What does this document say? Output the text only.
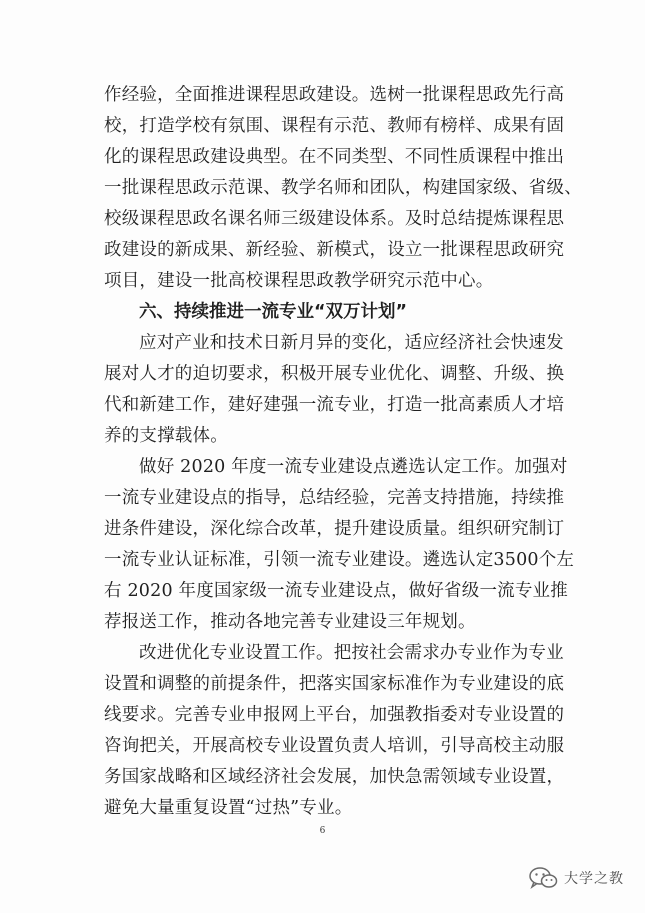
作经验，全面推进课程思政建设。选树一批课程思政先行高
校，打造学校有氛围、课程有示范、教师有榜样、成果有固
化的课程思政建设典型。在不同类型、不同性质课程中推出
一批课程思政示范课、教学名师和团队，构建国家级、省级、
校级课程思政名课名师三级建设体系。及时总结提炼课程思
政建设的新成果、新经验、新模式，设立一批课程思政研究
项目，建设一批高校课程思政教学研究示范中心。
六、持续推进一流专业“双万计划”
应对产业和技术日新月异的变化，适应经济社会快速发
展对人才的迫切要求，积极开展专业优化、调整、升级、换
代和新建工作，建好建强一流专业，打造一批高素质人才培
养的支撑载体。
做好 2020 年度一流专业建设点遴选认定工作。加强对
一流专业建设点的指导，总结经验，完善支持措施，持续推
进条件建设，深化综合改革，提升建设质量。组织研究制订
一流专业认证标准，引领一流专业建设。遴选认定3500个左
右 2020 年度国家级一流专业建设点，做好省级一流专业推
荐报送工作，推动各地完善专业建设三年规划。
改进优化专业设置工作。把按社会需求办专业作为专业
设置和调整的前提条件，把落实国家标准作为专业建设的底
线要求。完善专业申报网上平台，加强教指委对专业设置的
咨询把关，开展高校专业设置负责人培训，引导高校主动服
务国家战略和区域经济社会发展，加快急需领域专业设置，
避免大量重复设置“过热”专业。
6
大学之教
